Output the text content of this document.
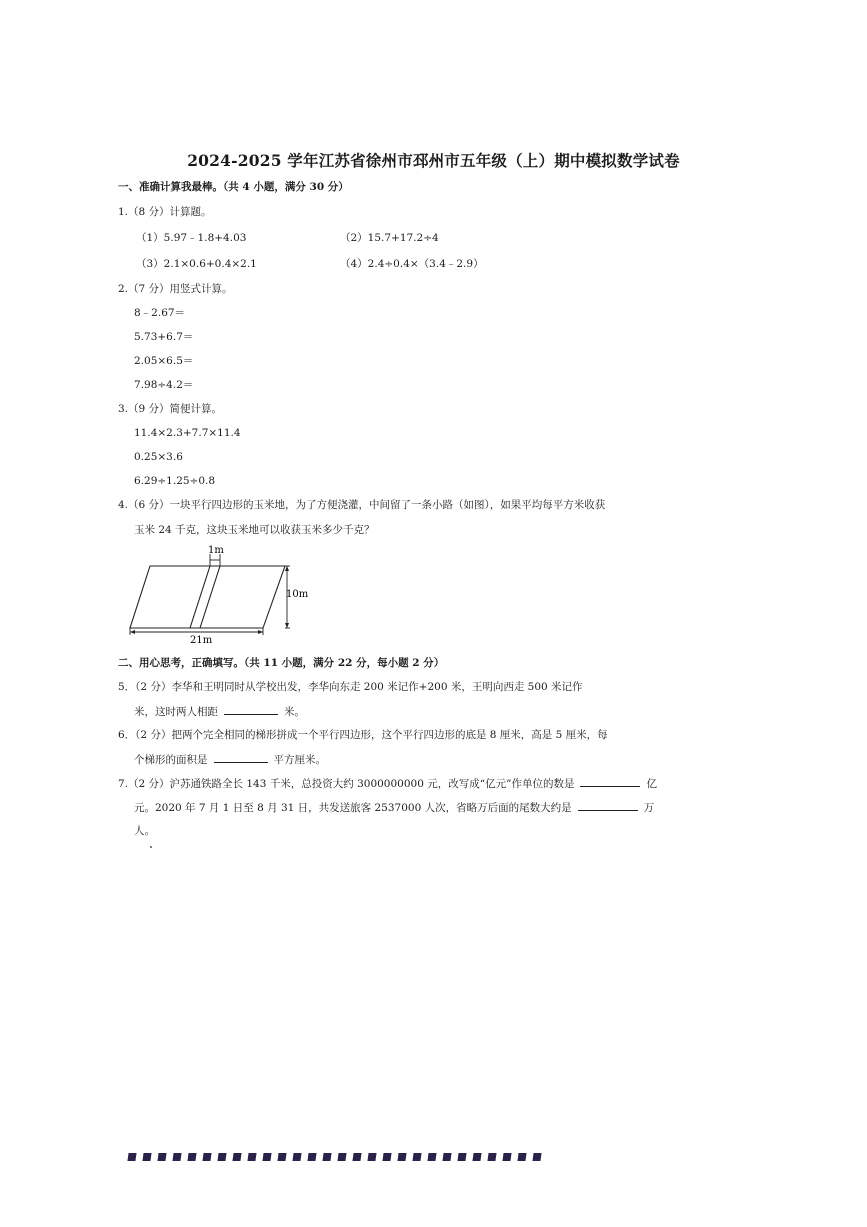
2024-2025 学年江苏省徐州市邳州市五年级（上）期中模拟数学试卷
一、准确计算我最棒。（共 4 小题，满分 30 分）
1.（8 分）计算题。
（1）5.97﹣1.8+4.03	（2）15.7+17.2÷4
（3）2.1×0.6+0.4×2.1	（4）2.4÷0.4×（3.4﹣2.9）
2.（7 分）用竖式计算。
8﹣2.67＝
5.73+6.7＝
2.05×6.5＝
7.98÷4.2＝
3.（9 分）简便计算。
11.4×2.3+7.7×11.4
0.25×3.6
6.29÷1.25÷0.8
4.（6 分）一块平行四边形的玉米地，为了方便浇灌，中间留了一条小路（如图），如果平均每平方米收获
玉米 24 千克，这块玉米地可以收获玉米多少千克？
1m
10m
21m
二、用心思考，正确填写。（共 11 小题，满分 22 分，每小题 2 分）
5．（2 分）李华和王明同时从学校出发，李华向东走 200 米记作+200 米，王明向西走 500 米记作
米，这时两人相距	米。
6．（2 分）把两个完全相同的梯形拼成一个平行四边形，这个平行四边形的底是 8 厘米，高是 5 厘米，每
个梯形的面积是	平方厘米。
7.（2 分）沪苏通铁路全长 143 千米，总投资大约 3000000000 元，改写成“亿元”作单位的数是	亿
元。2020 年 7 月 1 日至 8 月 31 日，共发送旅客 2537000 人次，省略万后面的尾数大约是	万
人。
